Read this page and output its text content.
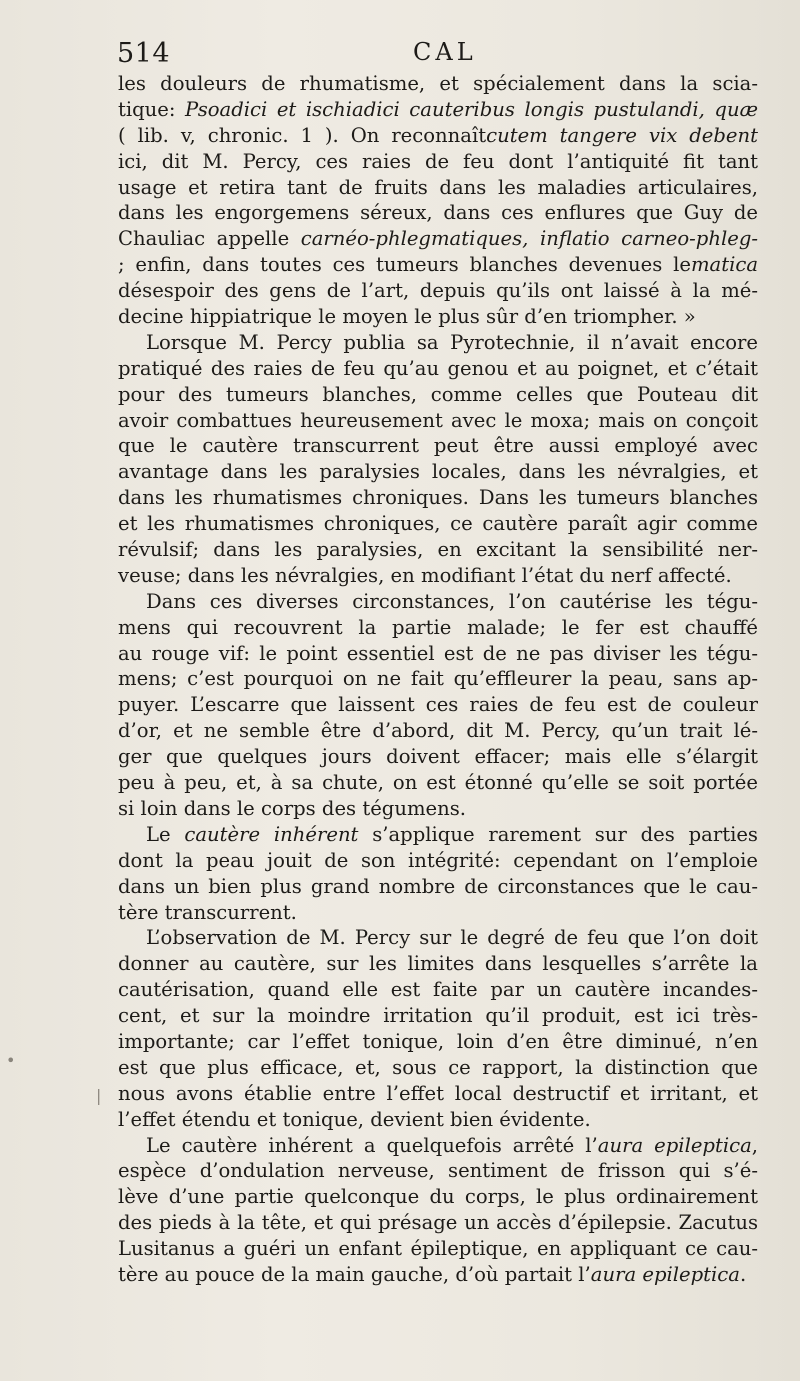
514	CAL
les douleurs de rhumatisme, et spécialement dans la scia-
tique: Psoadici et ischiadici cauteribus longis pustulandi, quæ
( lib. v, chronic. 1 ). On reconnaîtcutem tangere vix debent
ici, dit M. Percy, ces raies de feu dont l’antiquité fit tant
usage et retira tant de fruits dans les maladies articulaires,
dans les engorgemens séreux, dans ces enflures que Guy de
Chauliac appelle carnéo-phlegmatiques, inflatio carneo-phleg-
; enfin, dans toutes ces tumeurs blanches devenues lematica
désespoir des gens de l’art, depuis qu’ils ont laissé à la mé-
decine hippiatrique le moyen le plus sûr d’en triompher. »
Lorsque M. Percy publia sa Pyrotechnie, il n’avait encore
pratiqué des raies de feu qu’au genou et au poignet, et c’était
pour des tumeurs blanches, comme celles que Pouteau dit
avoir combattues heureusement avec le moxa; mais on conçoit
que le cautère transcurrent peut être aussi employé avec
avantage dans les paralysies locales, dans les névralgies, et
dans les rhumatismes chroniques. Dans les tumeurs blanches
et les rhumatismes chroniques, ce cautère paraît agir comme
révulsif; dans les paralysies, en excitant la sensibilité ner-
veuse; dans les névralgies, en modifiant l’état du nerf affecté.
Dans ces diverses circonstances, l’on cautérise les tégu-
mens qui recouvrent la partie malade; le fer est chauffé
au rouge vif: le point essentiel est de ne pas diviser les tégu-
mens; c’est pourquoi on ne fait qu’effleurer la peau, sans ap-
puyer. L’escarre que laissent ces raies de feu est de couleur
d’or, et ne semble être d’abord, dit M. Percy, qu’un trait lé-
ger que quelques jours doivent effacer; mais elle s’élargit
peu à peu, et, à sa chute, on est étonné qu’elle se soit portée
si loin dans le corps des tégumens.
Le cautère inhérent s’applique rarement sur des parties
dont la peau jouit de son intégrité: cependant on l’emploie
dans un bien plus grand nombre de circonstances que le cau-
tère transcurrent.
L’observation de M. Percy sur le degré de feu que l’on doit
donner au cautère, sur les limites dans lesquelles s’arrête la
cautérisation, quand elle est faite par un cautère incandes-
cent, et sur la moindre irritation qu’il produit, est ici très-
importante; car l’effet tonique, loin d’en être diminué, n’en
est que plus efficace, et, sous ce rapport, la distinction que
nous avons établie entre l’effet local destructif et irritant, et
l’effet étendu et tonique, devient bien évidente.
Le cautère inhérent a quelquefois arrêté l’aura epileptica,
espèce d’ondulation nerveuse, sentiment de frisson qui s’é-
lève d’une partie quelconque du corps, le plus ordinairement
des pieds à la tête, et qui présage un accès d’épilepsie. Zacutus
Lusitanus a guéri un enfant épileptique, en appliquant ce cau-
tère au pouce de la main gauche, d’où partait l’aura epileptica.
•
|
